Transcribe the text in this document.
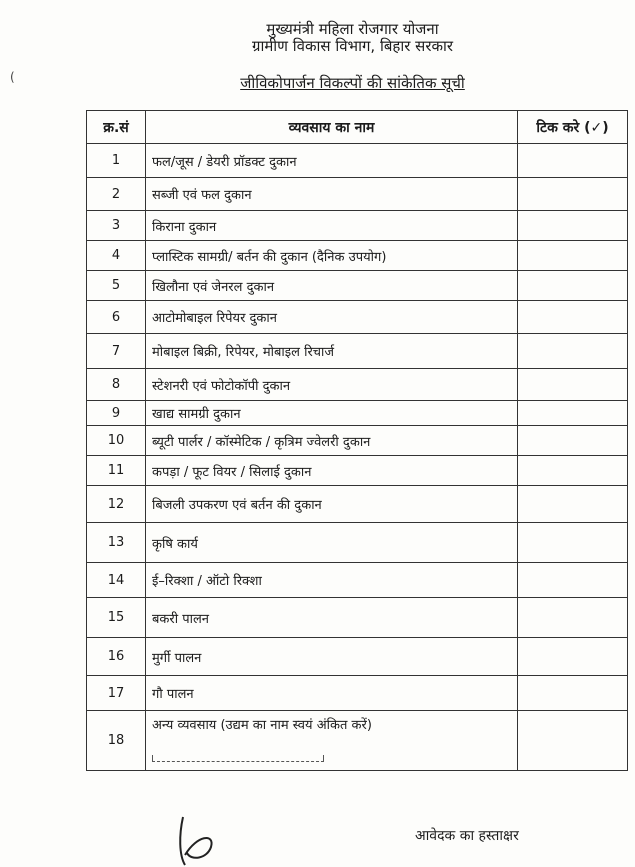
(
मुख्यमंत्री महिला रोजगार योजना
ग्रामीण विकास विभाग, बिहार सरकार
जीविकोपार्जन विकल्पों की सांकेतिक सूची
क्र.सं	व्यवसाय का नाम	टिक करे (✓)
1	फल/जूस / डेयरी प्रॉडक्ट दुकान	
2	सब्जी एवं फल दुकान	
3	किराना दुकान	
4	प्लास्टिक सामग्री/ बर्तन की दुकान (दैनिक उपयोग)	
5	खिलौना एवं जेनरल दुकान	
6	आटोमोबाइल रिपेयर दुकान	
7	मोबाइल बिक्री, रिपेयर, मोबाइल रिचार्ज	
8	स्टेशनरी एवं फोटोकॉपी दुकान	
9	खाद्य सामग्री दुकान	
10	ब्यूटी पार्लर / कॉस्मेटिक / कृत्रिम ज्वेलरी दुकान	
11	कपड़ा / फूट वियर / सिलाई दुकान	
12	बिजली उपकरण एवं बर्तन की दुकान	
13	कृषि कार्य	
14	ई–रिक्शा / ऑटो रिक्शा	
15	बकरी पालन	
16	मुर्गी पालन	
17	गौ पालन	
18	अन्य व्यवसाय (उद्यम का नाम स्वयं अंकित करें)

आवेदक का हस्ताक्षर
